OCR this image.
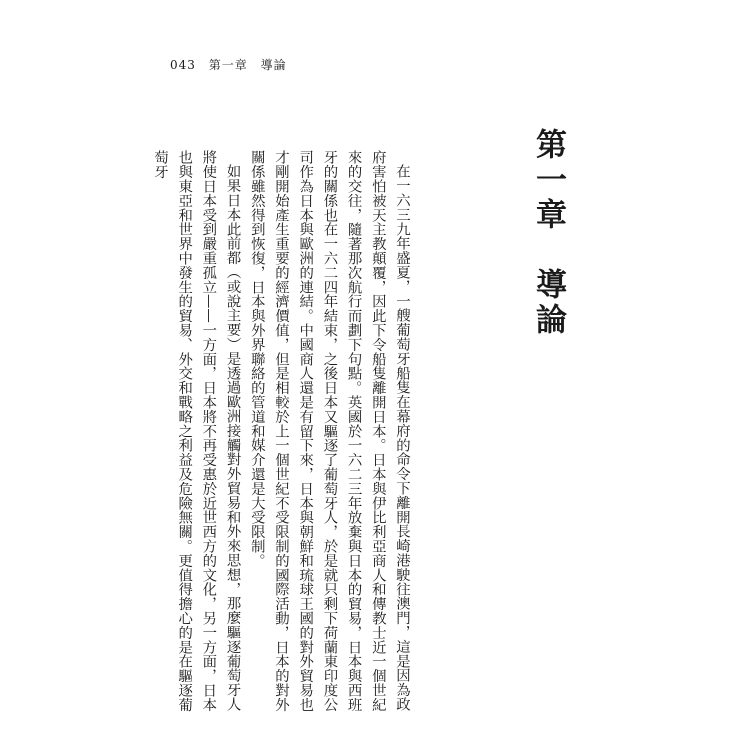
043 第一章 導論
第一章　導論

在一六三九年盛夏，一艘葡萄牙船隻在幕府的命令下離開長崎港駛往澳門，這是因為政府害怕被天主教顛覆，因此下令船隻離開日本。日本與伊比利亞商人和傳教士近一個世紀來的交往，隨著那次航行而劃下句點。英國於一六二三年放棄與日本的貿易，日本與西班牙的關係也在一六二四年結束，之後日本又驅逐了葡萄牙人，於是就只剩下荷蘭東印度公司作為日本與歐洲的連結。中國商人還是有留下來，日本與朝鮮和琉球王國的對外貿易也才剛開始產生重要的經濟價值，但是相較於上一個世紀不受限制的國際活動，日本的對外關係雖然得到恢復，日本與外界聯絡的管道和媒介還是大受限制。

如果日本此前都（或說主要）是透過歐洲接觸對外貿易和外來思想，那麼驅逐葡萄牙人將使日本受到嚴重孤立——一方面，日本將不再受惠於近世西方的文化，另一方面，日本也與東亞和世界中發生的貿易、外交和戰略之利益及危險無關。更值得擔心的是在驅逐葡萄牙
